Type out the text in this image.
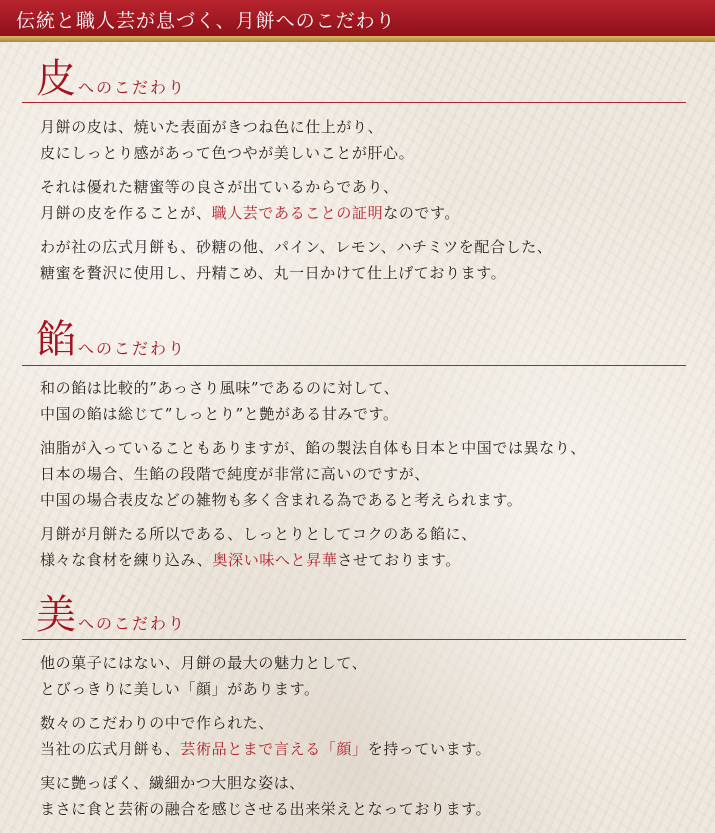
伝統と職人芸が息づく、月餅へのこだわり
皮 へのこだわり
月餅の皮は、焼いた表面がきつね色に仕上がり、
皮にしっとり感があって色つやが美しいことが肝心。
それは優れた糖蜜等の良さが出ているからであり、
月餅の皮を作ることが、職人芸であることの証明なのです。
わが社の広式月餅も、砂糖の他、パイン、レモン、ハチミツを配合した、
糖蜜を贅沢に使用し、丹精こめ、丸一日かけて仕上げております。
餡 へのこだわり
和の餡は比較的”あっさり風味”であるのに対して、
中国の餡は総じて”しっとり”と艶がある甘みです。
油脂が入っていることもありますが、餡の製法自体も日本と中国では異なり、
日本の場合、生餡の段階で純度が非常に高いのですが、
中国の場合表皮などの雑物も多く含まれる為であると考えられます。
月餅が月餅たる所以である、しっとりとしてコクのある餡に、
様々な食材を練り込み、奥深い味へと昇華させております。
美 へのこだわり
他の菓子にはない、月餅の最大の魅力として、
とびっきりに美しい「顔」があります。
数々のこだわりの中で作られた、
当社の広式月餅も、芸術品とまで言える「顔」を持っています。
実に艶っぽく、繊細かつ大胆な姿は、
まさに食と芸術の融合を感じさせる出来栄えとなっております。
